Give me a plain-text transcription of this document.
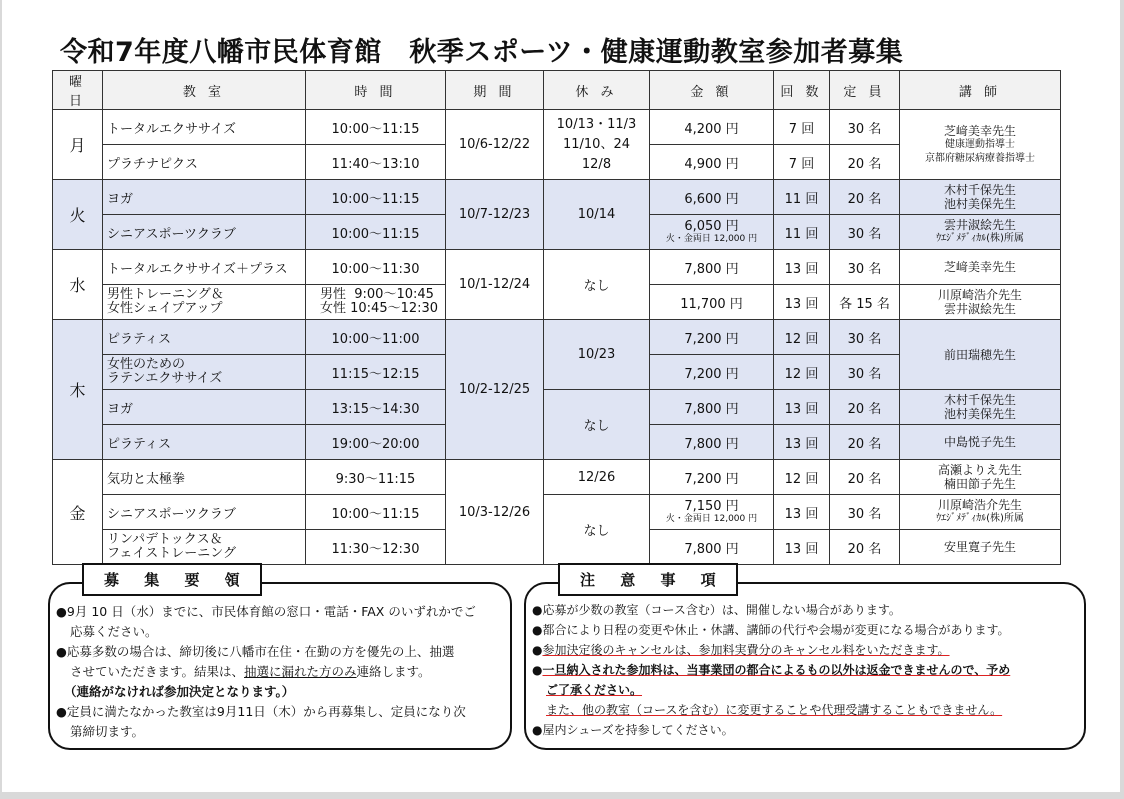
令和7年度八幡市民体育館　秋季スポーツ・健康運動教室参加者募集
曜 日	教 室	時 間	期 間	休 み	金 額	回 数	定 員	講 師
月	トータルエクササイズ	10:00～11:15	10/6-12/22	10/13・11/3
11/10、24
12/8	4,200 円	7 回	30 名	芝﨑美幸先生
健康運動指導士
京都府糖尿病療養指導士

	プラチナピクス	11:40～13:10			4,900 円	7 回	20 名	
火	ヨガ	10:00～11:15	10/7-12/23	10/14	6,600 円	11 回	20 名	木村千保先生
池村美保先生

	シニアスポーツクラブ	10:00～11:15			6,050 円
火・金両日 12,000 円	11 回	30 名	雲井淑絵先生
ｳｴｼﾞﾒﾃﾞｨｶﾙ(株)所属

水	トータルエクササイズ＋プラス	10:00～11:30	10/1-12/24	なし	7,800 円	13 回	30 名	芝﨑美幸先生

	男性トレーニング＆
女性シェイプアップ	男性  9:00～10:45
女性 10:45～12:30			11,700 円	13 回	各 15 名	川原崎浩介先生
雲井淑絵先生

木	ピラティス	10:00～11:00	10/2-12/25	10/23	7,200 円	12 回	30 名	前田瑞穂先生

	女性のための
ラテンエクササイズ	11:15～12:15			7,200 円	12 回	30 名	
	ヨガ	13:15～14:30		なし	7,800 円	13 回	20 名	木村千保先生
池村美保先生

	ピラティス	19:00～20:00			7,800 円	13 回	20 名	中島悦子先生
金	気功と太極拳	9:30～11:15	10/3-12/26	12/26	7,200 円	12 回	20 名	高瀬よりえ先生
楠田節子先生

	シニアスポーツクラブ	10:00～11:15		なし	7,150 円
火・金両日 12,000 円	13 回	30 名	川原崎浩介先生
ｳｴｼﾞﾒﾃﾞｨｶﾙ(株)所属

	リンパデトックス＆
フェイストレーニング	11:30～12:30			7,800 円	13 回	20 名	安里寛子先生
募 集 要 領
●9月 10 日（水）までに、市民体育館の窓口・電話・FAX のいずれかでご
応募ください。
●応募多数の場合は、締切後に八幡市在住・在勤の方を優先の上、抽選
させていただきます。結果は、抽選に漏れた方のみ連絡します。
（連絡がなければ参加決定となります。）
●定員に満たなかった教室は9月11日（木）から再募集し、定員になり次
第締切ます。
注 意 事 項
●応募が少数の教室（コース含む）は、開催しない場合があります。
●都合により日程の変更や休止・休講、講師の代行や会場が変更になる場合があります。
●参加決定後のキャンセルは、参加料実費分のキャンセル料をいただきます。
●一旦納入された参加料は、当事業団の都合によるもの以外は返金できませんので、予め
ご了承ください。
また、他の教室（コースを含む）に変更することや代理受講することもできません。
●屋内シューズを持参してください。
